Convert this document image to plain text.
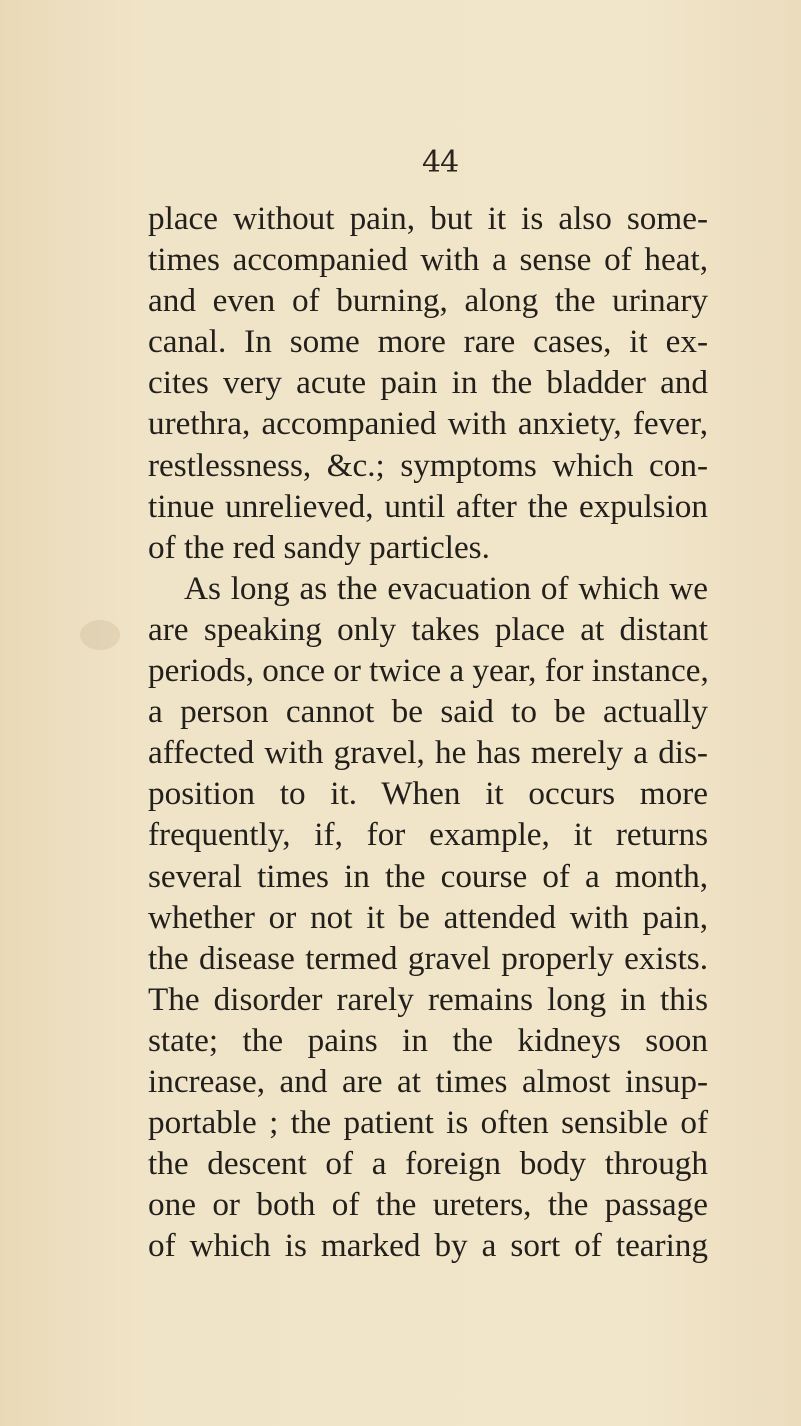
44
place without pain, but it is also some-
times accompanied with a sense of heat,
and even of burning, along the urinary
canal. In some more rare cases, it ex-
cites very acute pain in the bladder and
urethra, accompanied with anxiety, fever,
restlessness, &c.; symptoms which con-
tinue unrelieved, until after the expulsion
of the red sandy particles.
As long as the evacuation of which we
are speaking only takes place at distant
periods, once or twice a year, for instance,
a person cannot be said to be actually
affected with gravel, he has merely a dis-
position to it. When it occurs more
frequently, if, for example, it returns
several times in the course of a month,
whether or not it be attended with pain,
the disease termed gravel properly exists.
The disorder rarely remains long in this
state; the pains in the kidneys soon
increase, and are at times almost insup-
portable ; the patient is often sensible of
the descent of a foreign body through
one or both of the ureters, the passage
of which is marked by a sort of tearing
